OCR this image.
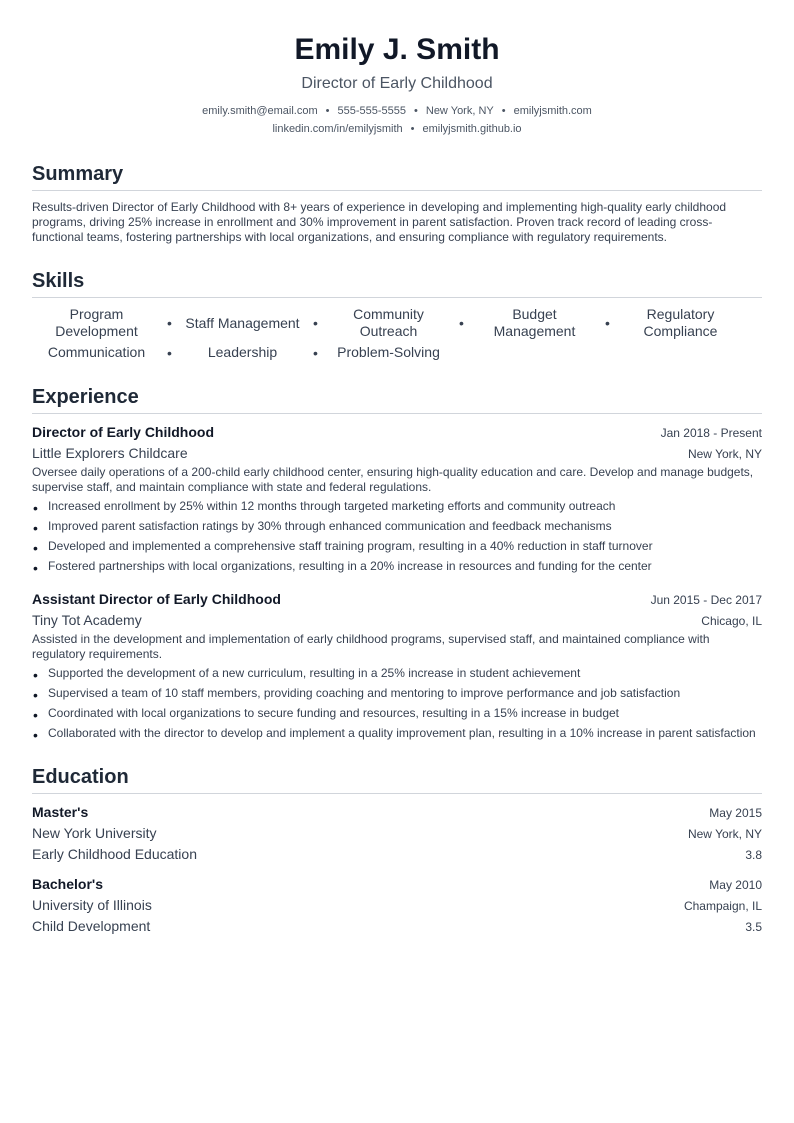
Emily J. Smith
Director of Early Childhood
emily.smith@email.com • 555-555-5555 • New York, NY • emilyjsmith.com
linkedin.com/in/emilyjsmith • emilyjsmith.github.io
Summary
Results-driven Director of Early Childhood with 8+ years of experience in developing and implementing high-quality early childhood programs, driving 25% increase in enrollment and 30% improvement in parent satisfaction. Proven track record of leading cross-functional teams, fostering partnerships with local organizations, and ensuring compliance with regulatory requirements.
Skills
Program Development	• Staff Management •
Community Outreach	•
Budget Management	•
Regulatory Compliance
Communication	•	Leadership	•	Problem-Solving
Experience
Director of Early Childhood	Jan 2018 - Present
Little Explorers Childcare	New York, NY
Oversee daily operations of a 200-child early childhood center, ensuring high-quality education and care. Develop and manage budgets, supervise staff, and maintain compliance with state and federal regulations.
• Increased enrollment by 25% within 12 months through targeted marketing efforts and community outreach
• Improved parent satisfaction ratings by 30% through enhanced communication and feedback mechanisms
• Developed and implemented a comprehensive staff training program, resulting in a 40% reduction in staff turnover
• Fostered partnerships with local organizations, resulting in a 20% increase in resources and funding for the center
Assistant Director of Early Childhood	Jun 2015 - Dec 2017
Tiny Tot Academy	Chicago, IL
Assisted in the development and implementation of early childhood programs, supervised staff, and maintained compliance with regulatory requirements.
• Supported the development of a new curriculum, resulting in a 25% increase in student achievement
• Supervised a team of 10 staff members, providing coaching and mentoring to improve performance and job satisfaction
• Coordinated with local organizations to secure funding and resources, resulting in a 15% increase in budget
• Collaborated with the director to develop and implement a quality improvement plan, resulting in a 10% increase in parent satisfaction
Education
Master's	May 2015
New York University	New York, NY
Early Childhood Education	3.8
Bachelor's	May 2010
University of Illinois	Champaign, IL
Child Development	3.5
